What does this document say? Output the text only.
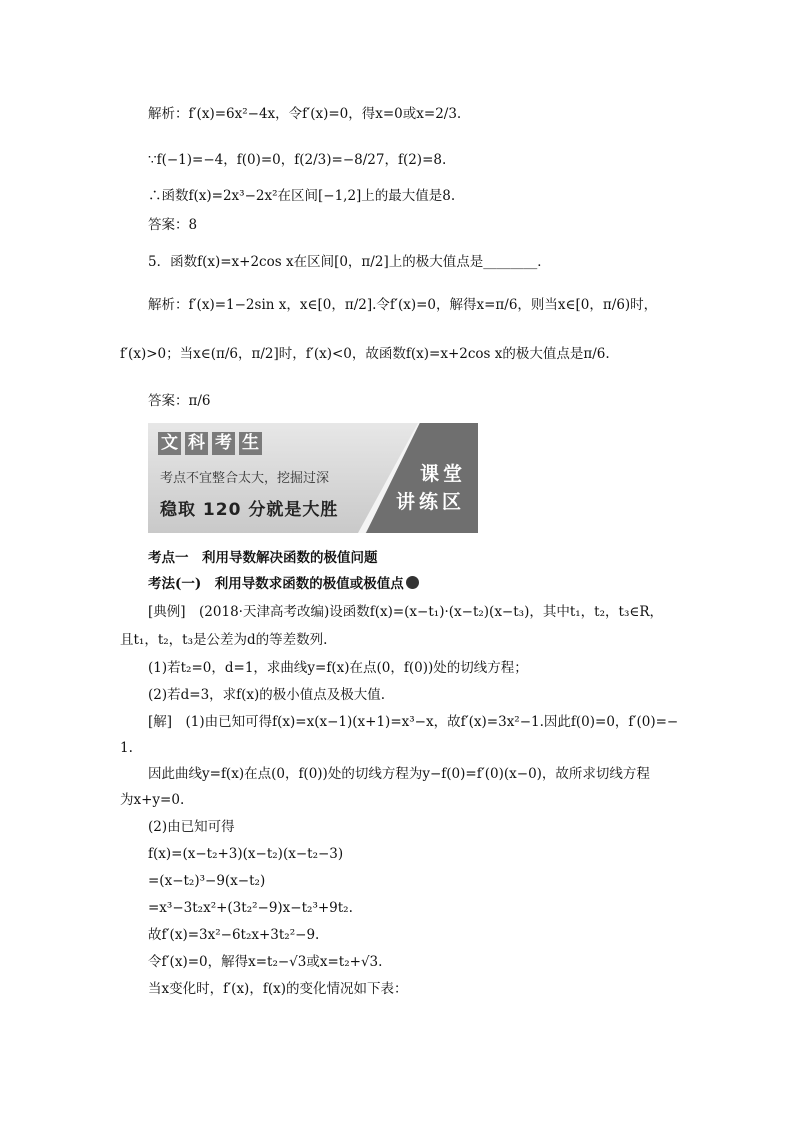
解析：f′(x)=6x²−4x，令f′(x)=0，得x=0或x=2/3.
∵f(−1)=−4，f(0)=0，f(2/3)=−8/27，f(2)=8.
∴函数f(x)=2x³−2x²在区间[−1,2]上的最大值是8.
答案：8
5．函数f(x)=x+2cos x在区间[0，π/2]上的极大值点是________．
解析：f′(x)=1−2sin x，x∈[0，π/2].令f′(x)=0，解得x=π/6，则当x∈[0，π/6)时，
f′(x)>0；当x∈(π/6，π/2]时，f′(x)<0，故函数f(x)=x+2cos x的极大值点是π/6.
答案：π/6
文 科 考 生
考点不宜整合太大，挖掘过深
稳取 120 分就是大胜
课堂
讲练区
考点一　利用导数解决函数的极值问题
考法(一)　利用导数求函数的极值或极值点
[典例]　(2018·天津高考改编)设函数f(x)=(x−t₁)·(x−t₂)(x−t₃)，其中t₁，t₂，t₃∈R，
且t₁，t₂，t₃是公差为d的等差数列.
(1)若t₂=0，d=1，求曲线y=f(x)在点(0，f(0))处的切线方程；
(2)若d=3，求f(x)的极小值点及极大值.
[解]　(1)由已知可得f(x)=x(x−1)(x+1)=x³−x，故f′(x)=3x²−1.因此f(0)=0，f′(0)=−
1.
因此曲线y=f(x)在点(0，f(0))处的切线方程为y−f(0)=f′(0)(x−0)，故所求切线方程
为x+y=0.
(2)由已知可得
f(x)=(x−t₂+3)(x−t₂)(x−t₂−3)
=(x−t₂)³−9(x−t₂)
=x³−3t₂x²+(3t₂²−9)x−t₂³+9t₂.
故f′(x)=3x²−6t₂x+3t₂²−9.
令f′(x)=0，解得x=t₂−√3或x=t₂+√3.
当x变化时，f′(x)，f(x)的变化情况如下表：
